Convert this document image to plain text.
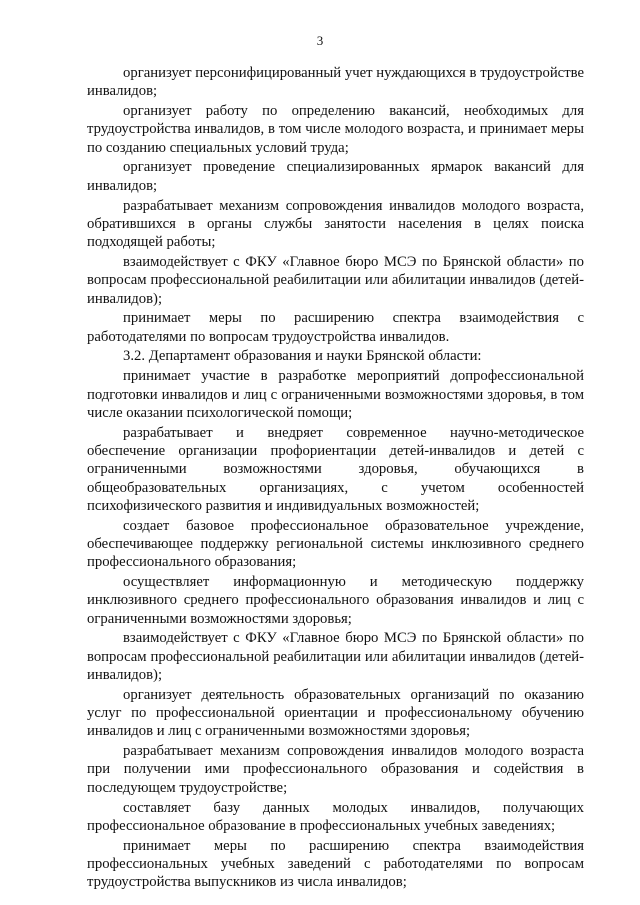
3

организует персонифицированный учет нуждающихся в трудоустройстве инвалидов;

организует работу по определению вакансий, необходимых для трудоустройства инвалидов, в том числе молодого возраста, и принимает меры по созданию специальных условий труда;

организует проведение специализированных ярмарок вакансий для инвалидов;

разрабатывает механизм сопровождения инвалидов молодого возраста, обратившихся в органы службы занятости населения в целях поиска подходящей работы;

взаимодействует с ФКУ «Главное бюро МСЭ по Брянской области» по вопросам профессиональной реабилитации или абилитации инвалидов (детей-инвалидов);

принимает меры по расширению спектра взаимодействия с работодателями по вопросам трудоустройства инвалидов.

3.2. Департамент образования и науки Брянской области:

принимает участие в разработке мероприятий допрофессиональной подготовки инвалидов и лиц с ограниченными возможностями здоровья, в том числе оказании психологической помощи;

разрабатывает и внедряет современное научно-методическое обеспечение организации профориентации детей-инвалидов и детей с ограниченными возможностями здоровья, обучающихся в общеобразовательных организациях, с учетом особенностей психофизического развития и индивидуальных возможностей;

создает базовое профессиональное образовательное учреждение, обеспечивающее поддержку региональной системы инклюзивного среднего профессионального образования;

осуществляет информационную и методическую поддержку инклюзивного среднего профессионального образования инвалидов и лиц с ограниченными возможностями здоровья;

взаимодействует с ФКУ «Главное бюро МСЭ по Брянской области» по вопросам профессиональной реабилитации или абилитации инвалидов (детей-инвалидов);

организует деятельность образовательных организаций по оказанию услуг по профессиональной ориентации и профессиональному обучению инвалидов и лиц с ограниченными возможностями здоровья;

разрабатывает механизм сопровождения инвалидов молодого возраста при получении ими профессионального образования и содействия в последующем трудоустройстве;

составляет базу данных молодых инвалидов, получающих профессиональное образование в профессиональных учебных заведениях;

принимает меры по расширению спектра взаимодействия профессиональных учебных заведений с работодателями по вопросам трудоустройства выпускников из числа инвалидов;
